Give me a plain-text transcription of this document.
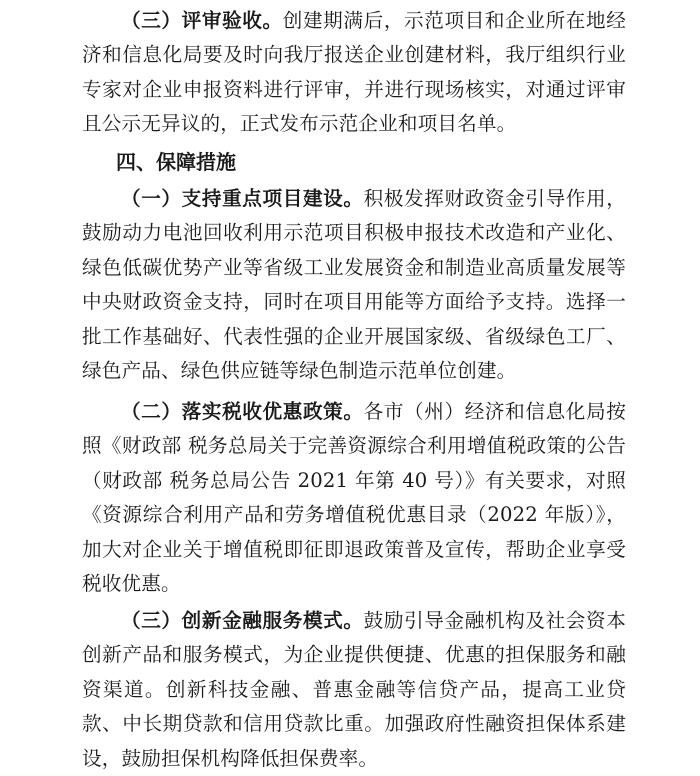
（三）评审验收。创建期满后，示范项目和企业所在地经济和信息化局要及时向我厅报送企业创建材料，我厅组织行业专家对企业申报资料进行评审，并进行现场核实，对通过评审且公示无异议的，正式发布示范企业和项目名单。

四、保障措施

（一）支持重点项目建设。积极发挥财政资金引导作用，鼓励动力电池回收利用示范项目积极申报技术改造和产业化、绿色低碳优势产业等省级工业发展资金和制造业高质量发展等中央财政资金支持，同时在项目用能等方面给予支持。选择一批工作基础好、代表性强的企业开展国家级、省级绿色工厂、绿色产品、绿色供应链等绿色制造示范单位创建。

（二）落实税收优惠政策。各市（州）经济和信息化局按照《财政部 税务总局关于完善资源综合利用增值税政策的公告（财政部 税务总局公告 2021 年第 40 号）》有关要求，对照《资源综合利用产品和劳务增值税优惠目录（2022 年版）》，加大对企业关于增值税即征即退政策普及宣传，帮助企业享受税收优惠。

（三）创新金融服务模式。鼓励引导金融机构及社会资本创新产品和服务模式，为企业提供便捷、优惠的担保服务和融资渠道。创新科技金融、普惠金融等信贷产品，提高工业贷款、中长期贷款和信用贷款比重。加强政府性融资担保体系建设，鼓励担保机构降低担保费率。
